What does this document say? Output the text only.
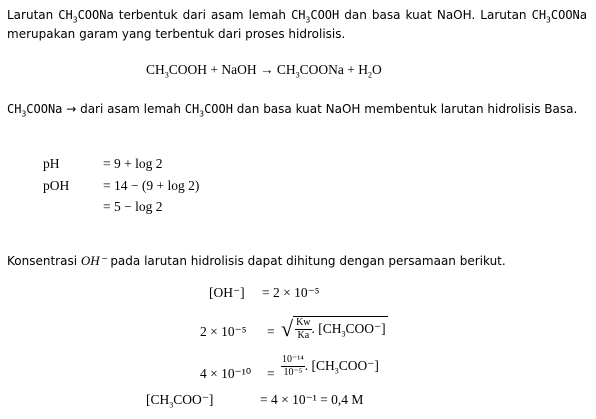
Larutan $CH_3COONa$ terbentuk dari asam lemah $CH_3COOH$ dan basa kuat NaOH. Larutan $CH_3COONa$ merupakan garam yang terbentuk dari proses hidrolisis.

$CH_3COOH$ + NaOH → $CH_3COONa + H_2O$

$CH_3COONa$ → dari asam lemah $CH_3COOH$ dan basa kuat NaOH membentuk larutan hidrolisis Basa.

pH	= 9 + log 2
pOH	= 14 − (9 + log 2)
= 5 − log 2

Konsentrasi OH⁻ pada larutan hidrolisis dapat dihitung dengan persamaan berikut.

[OH⁻] = 2 × 10⁻⁵
2 × 10⁻⁵ = √ $\frac{Kw}{Ka}$ . $[CH_3COO^-]$
$4 \times 10^{-10} = \frac{\text{10⁻¹⁴}}{\text{10⁻⁵}}$ . $[CH_3COO^-]$
$[CH_3COO^-]$	= 4 × 10⁻¹ = 0,4 M
